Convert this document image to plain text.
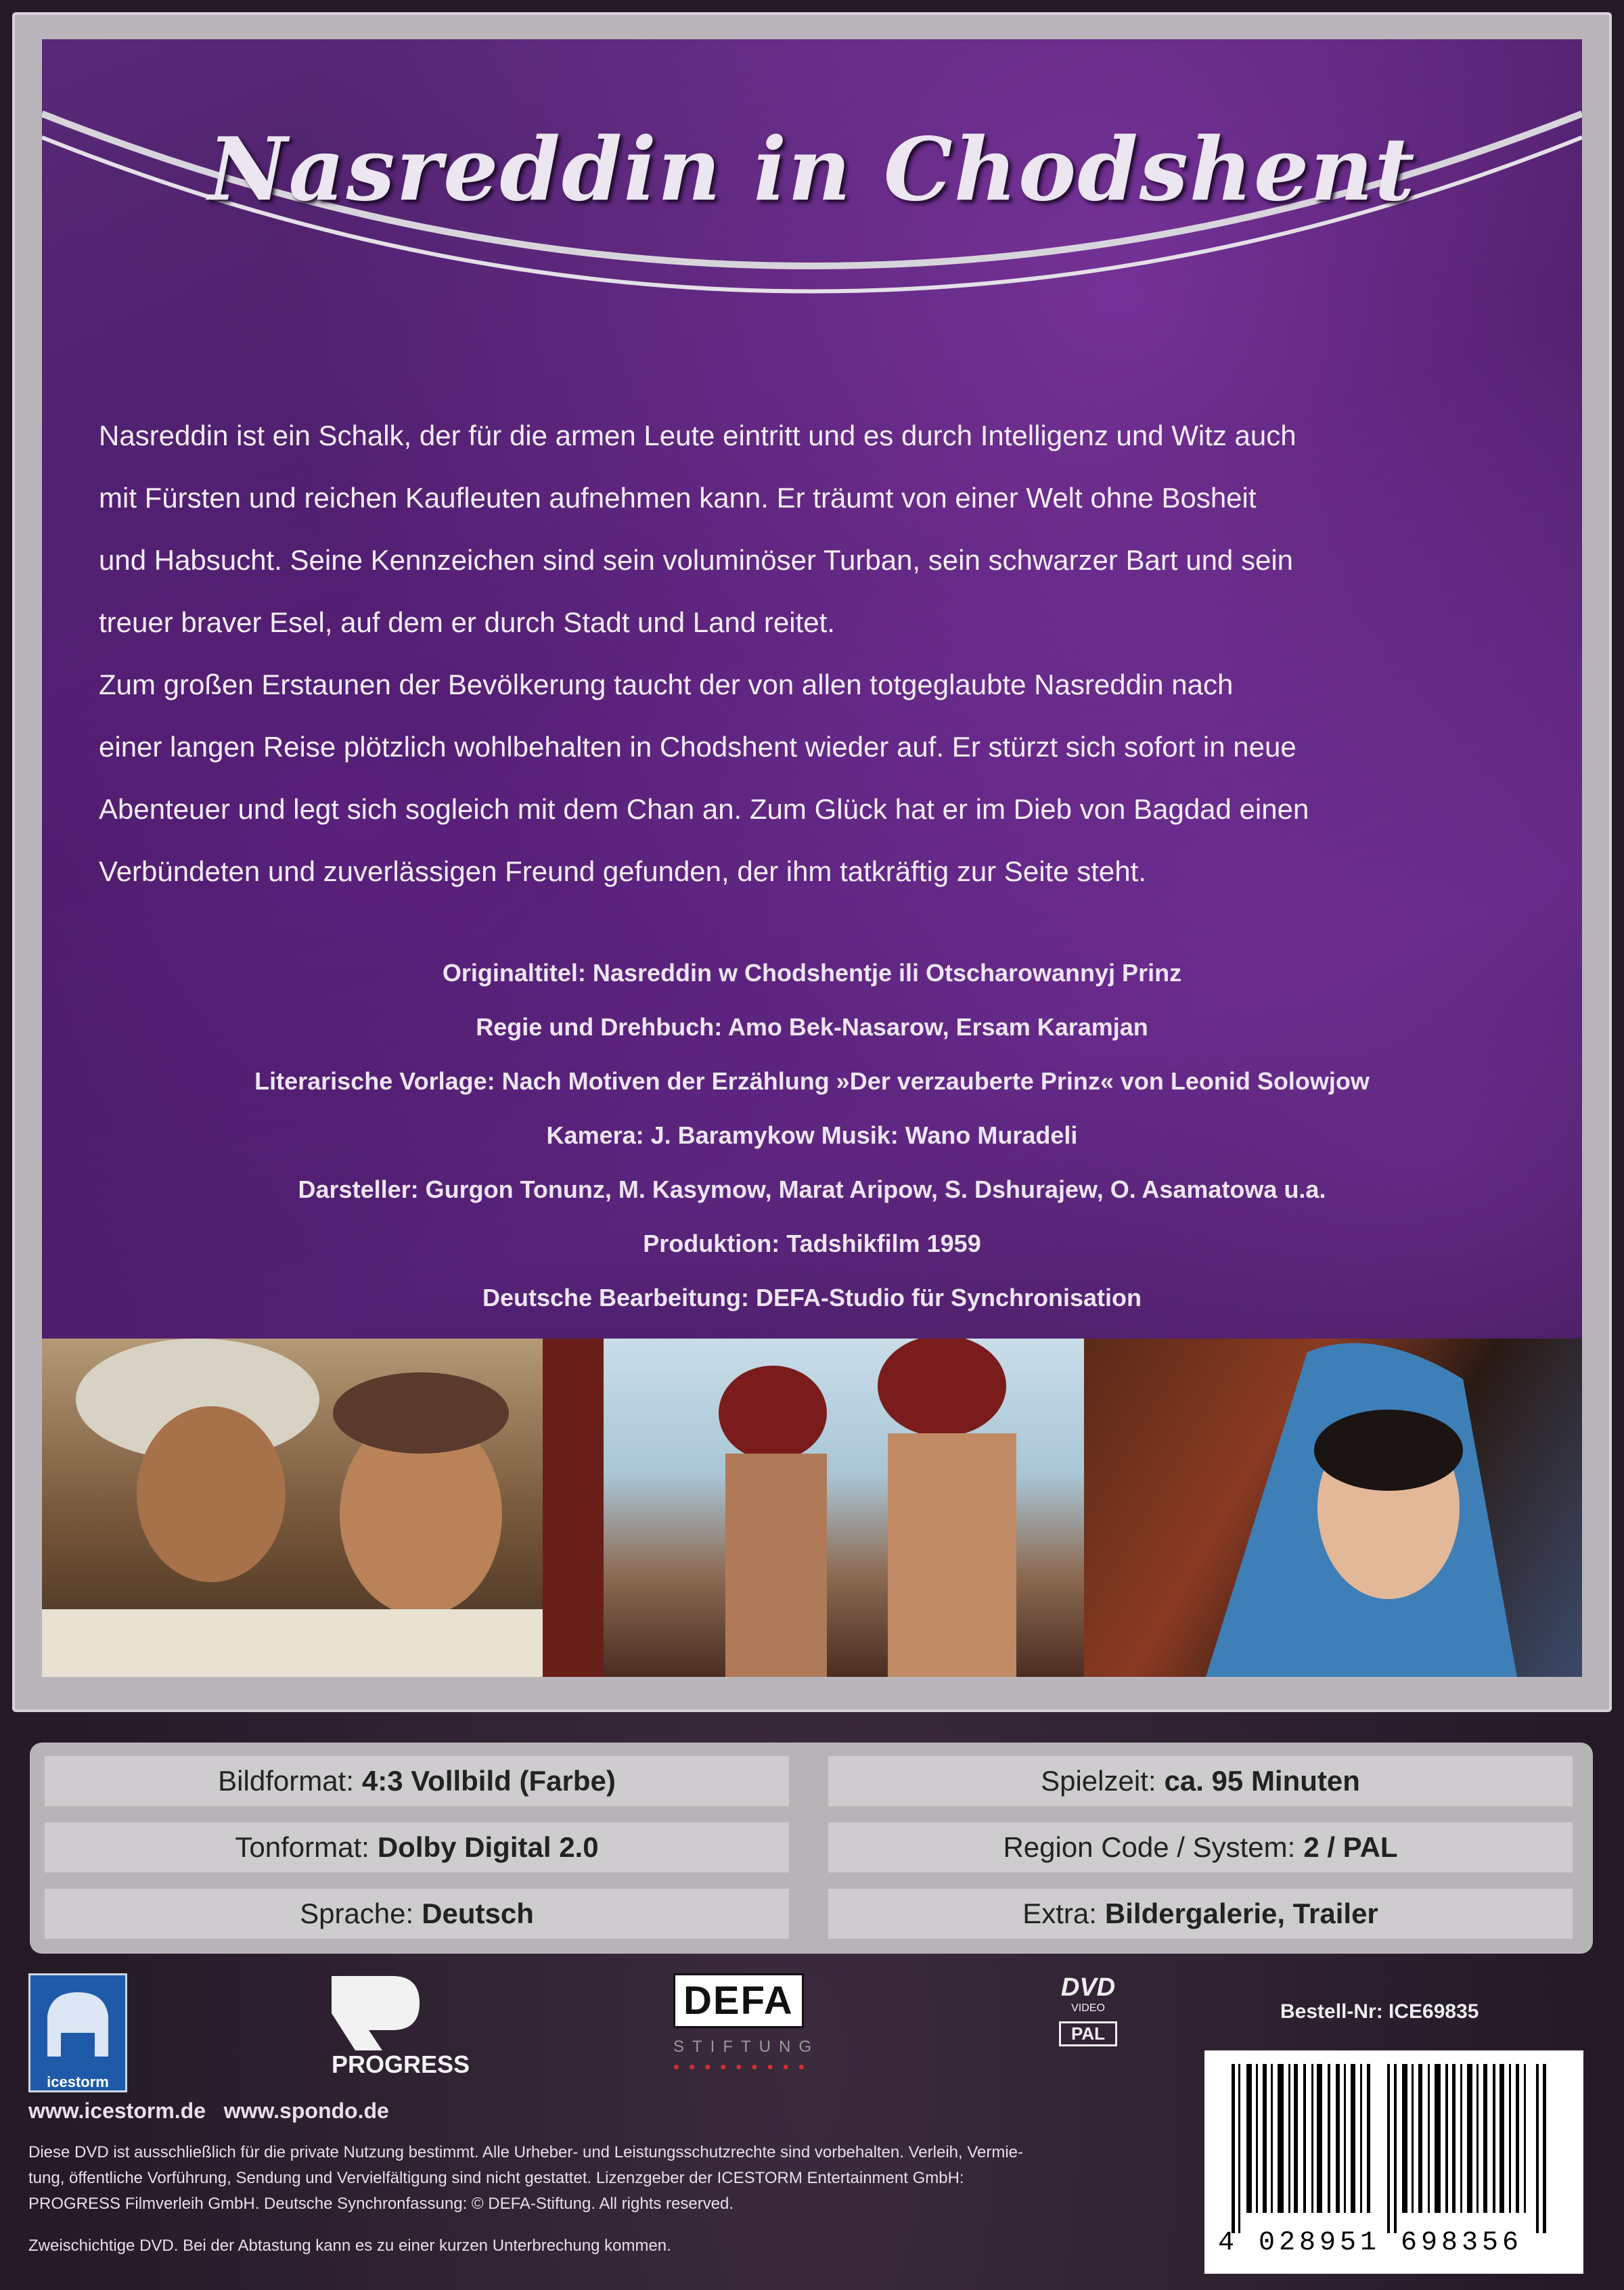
Nasreddin in Chodshent

Nasreddin ist ein Schalk, der für die armen Leute eintritt und es durch Intelligenz und Witz auch

mit Fürsten und reichen Kaufleuten aufnehmen kann. Er träumt von einer Welt ohne Bosheit

und Habsucht. Seine Kennzeichen sind sein voluminöser Turban, sein schwarzer Bart und sein

treuer braver Esel, auf dem er durch Stadt und Land reitet.

Zum großen Erstaunen der Bevölkerung taucht der von allen totgeglaubte Nasreddin nach

einer langen Reise plötzlich wohlbehalten in Chodshent wieder auf. Er stürzt sich sofort in neue

Abenteuer und legt sich sogleich mit dem Chan an. Zum Glück hat er im Dieb von Bagdad einen

Verbündeten und zuverlässigen Freund gefunden, der ihm tatkräftig zur Seite steht.

Originaltitel: Nasreddin w Chodshentje ili Otscharowannyj Prinz
Regie und Drehbuch: Amo Bek-Nasarow, Ersam Karamjan
Literarische Vorlage: Nach Motiven der Erzählung »Der verzauberte Prinz« von Leonid Solowjow
Kamera: J. Baramykow Musik: Wano Muradeli
Darsteller: Gurgon Tonunz, M. Kasymow, Marat Aripow, S. Dshurajew, O. Asamatowa u.a.
Produktion: Tadshikfilm 1959
Deutsche Bearbeitung: DEFA-Studio für Synchronisation
Bildformat: 4:3 Vollbild (Farbe)
Tonformat: Dolby Digital 2.0
Sprache: Deutsch
Spielzeit: ca. 95 Minuten
Region Code / System: 2 / PAL
Extra: Bildergalerie, Trailer
icestorm
PROGRESS
DEFA
STIFTUNG
•••••••••
DVD
VIDEO
PAL
Bestell-Nr: ICE69835
www.icestorm.de   www.spondo.de
Diese DVD ist ausschließlich für die private Nutzung bestimmt. Alle Urheber- und Leistungsschutzrechte sind vorbehalten. Verleih, Vermie-
tung, öffentliche Vorführung, Sendung und Vervielfältigung sind nicht gestattet. Lizenzgeber der ICESTORM Entertainment GmbH:
PROGRESS Filmverleih GmbH. Deutsche Synchronfassung: © DEFA-Stiftung. All rights reserved.
Zweischichtige DVD. Bei der Abtastung kann es zu einer kurzen Unterbrechung kommen.	4 028951 698356
